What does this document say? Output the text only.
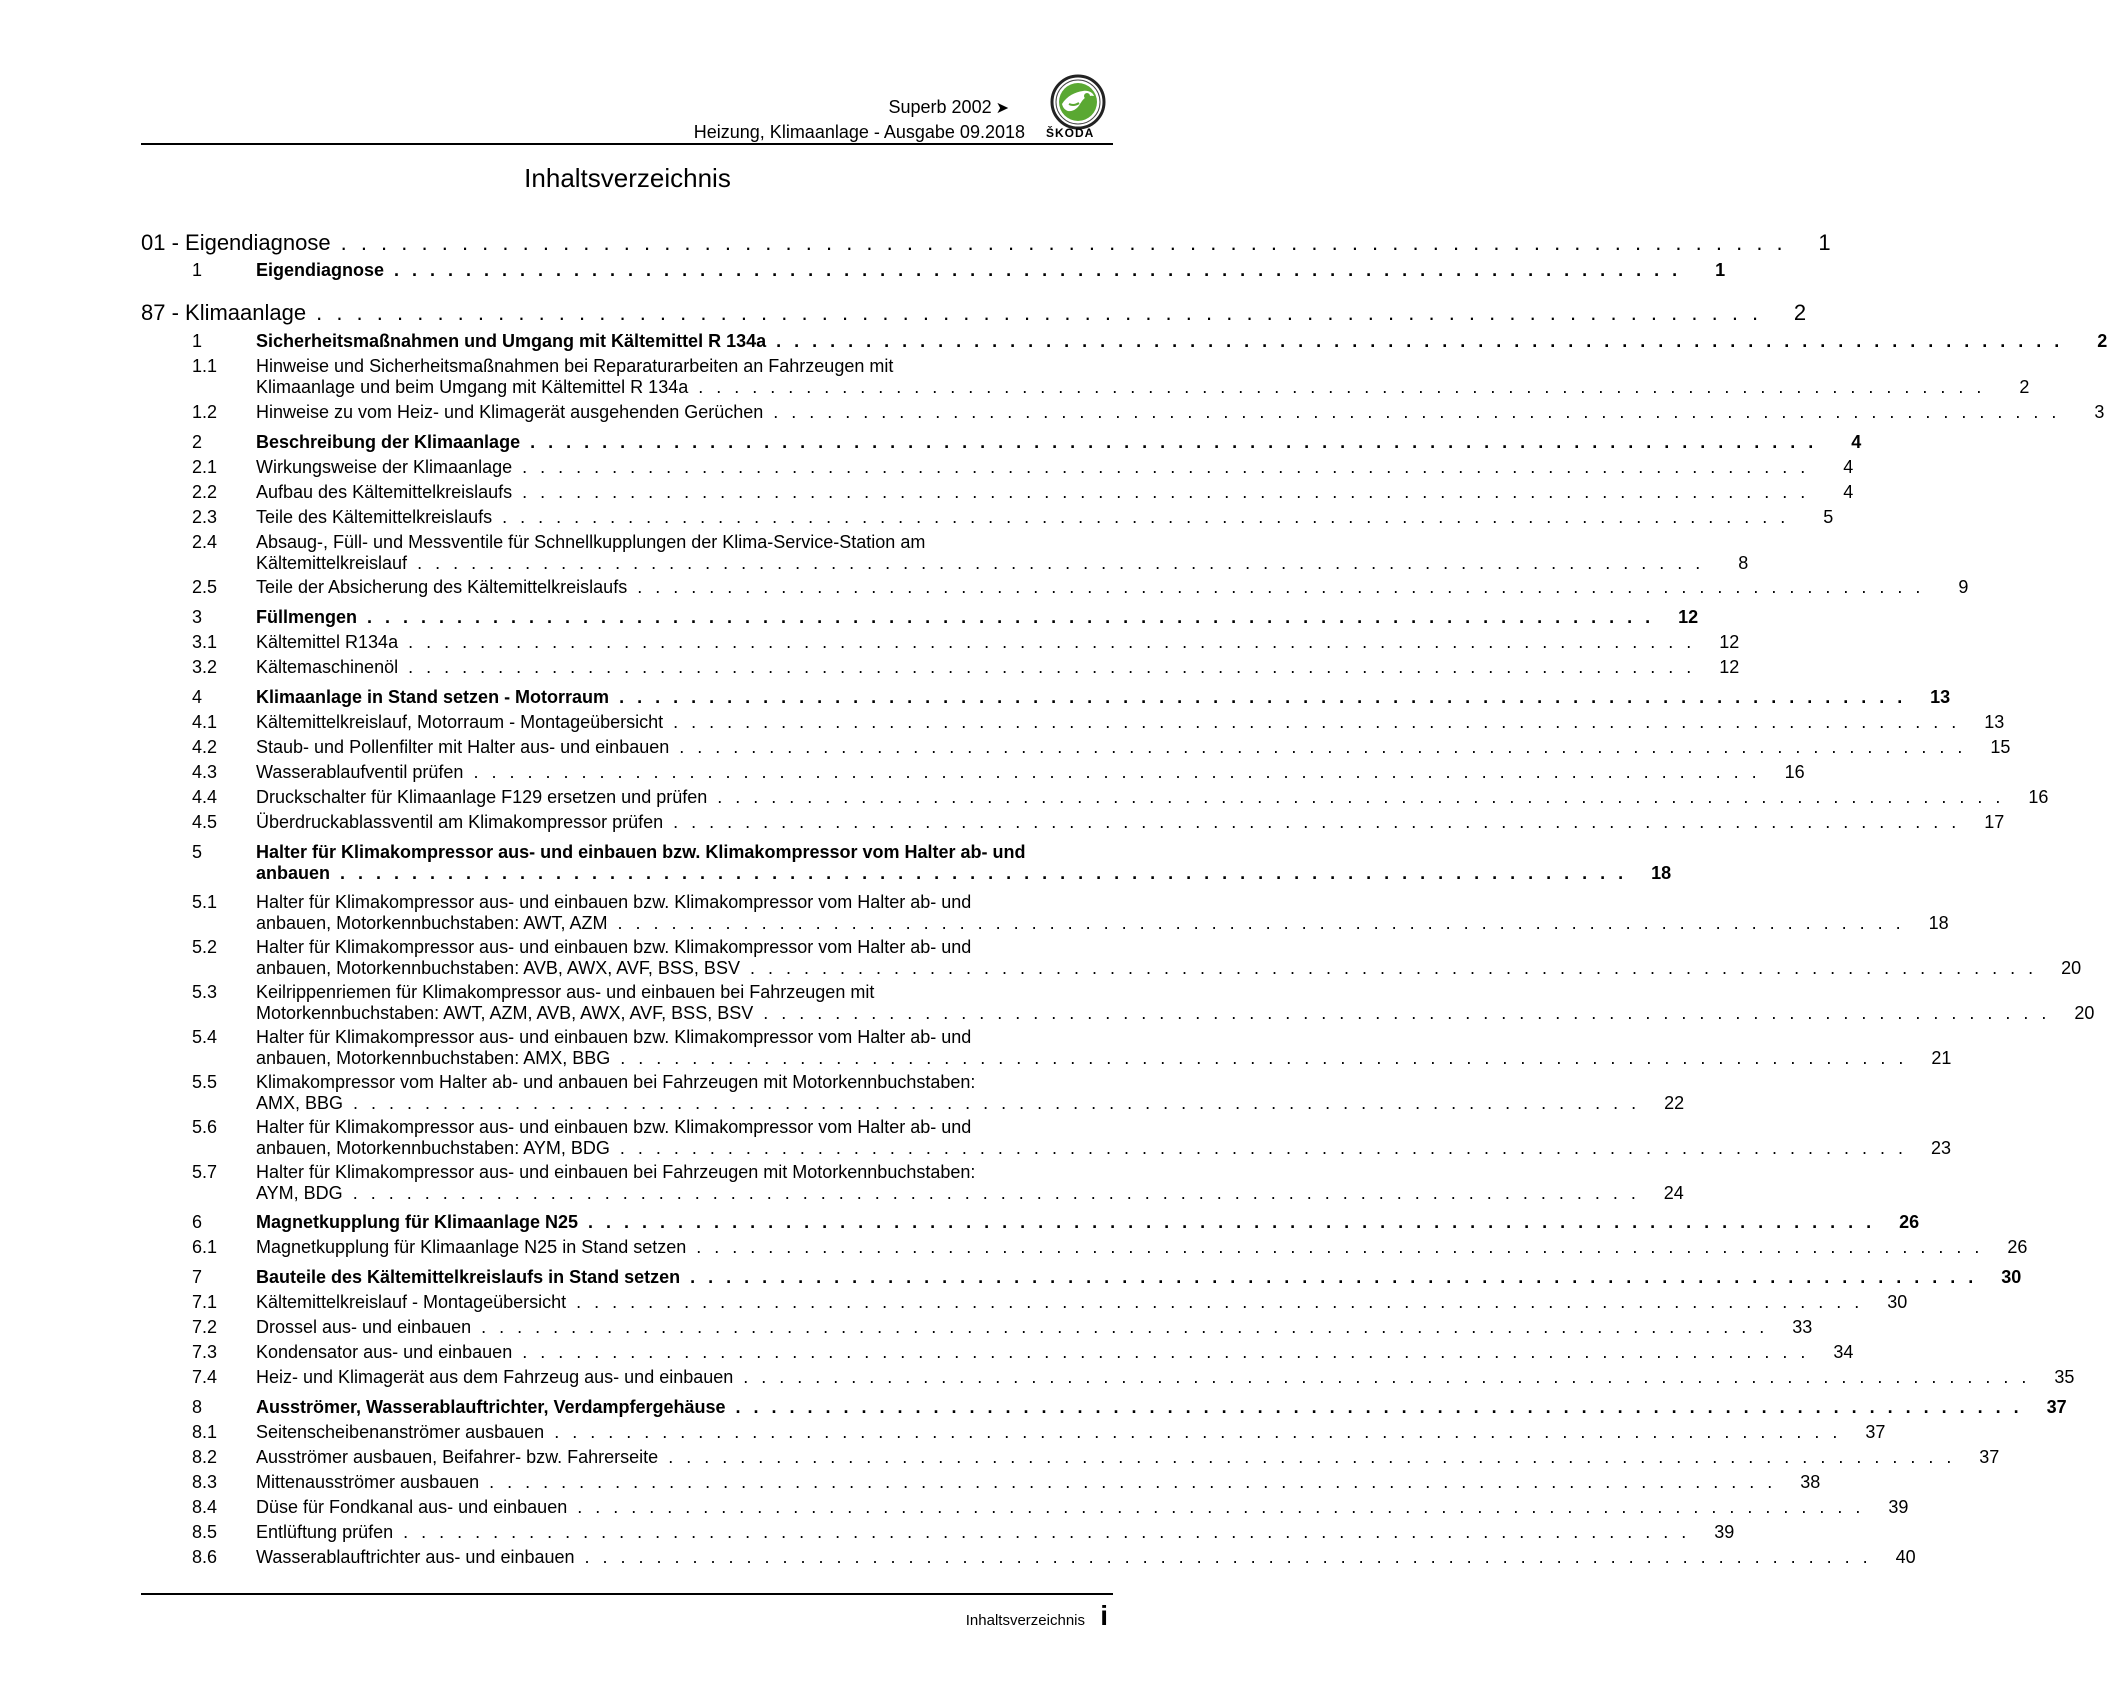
Superb 2002 ➤
Heizung, Klimaanlage - Ausgabe 09.2018 ŠKODA
Inhaltsverzeichnis
01 - Eigendiagnose . . . . . . . . . . . . . . . . . . . . . . . . . . . . . . . . . . . . . . . . . . . . . . . . . . . . . . . . . . . . . . . . . . . . . . . .	1
1	Eigendiagnose . . . . . . . . . . . . . . . . . . . . . . . . . . . . . . . . . . . . . . . . . . . . . . . . . . . . . . . . . . . . . . . . . . . . . . . .	1
87 - Klimaanlage . . . . . . . . . . . . . . . . . . . . . . . . . . . . . . . . . . . . . . . . . . . . . . . . . . . . . . . . . . . . . . . . . . . . . . . .	2
1	Sicherheitsmaßnahmen und Umgang mit Kältemittel R 134a . . . . . . . . . . . . . . . . . . . . . . . . . . . . . . . . . . . . . . . . . . . . . . . . . . . . . . . . . . . . . . . . . . . . . . . .	2
1.1 Hinweise und Sicherheitsmaßnahmen bei Reparaturarbeiten an Fahrzeugen mit
Klimaanlage und beim Umgang mit Kältemittel R 134a . . . . . . . . . . . . . . . . . . . . . . . . . . . . . . . . . . . . . . . . . . . . . . . . . . . . . . . . . . . . . . . . . . . . . . . .	2
1.2 Hinweise zu vom Heiz- und Klimagerät ausgehenden Gerüchen . . . . . . . . . . . . . . . . . . . . . . . . . . . . . . . . . . . . . . . . . . . . . . . . . . . . . . . . . . . . . . . . . . . . . . . .	3
2	Beschreibung der Klimaanlage . . . . . . . . . . . . . . . . . . . . . . . . . . . . . . . . . . . . . . . . . . . . . . . . . . . . . . . . . . . . . . . . . . . . . . . .	4
2.1 Wirkungsweise der Klimaanlage . . . . . . . . . . . . . . . . . . . . . . . . . . . . . . . . . . . . . . . . . . . . . . . . . . . . . . . . . . . . . . . . . . . . . . . .	4
2.2 Aufbau des Kältemittelkreislaufs . . . . . . . . . . . . . . . . . . . . . . . . . . . . . . . . . . . . . . . . . . . . . . . . . . . . . . . . . . . . . . . . . . . . . . . .	4
2.3 Teile des Kältemittelkreislaufs . . . . . . . . . . . . . . . . . . . . . . . . . . . . . . . . . . . . . . . . . . . . . . . . . . . . . . . . . . . . . . . . . . . . . . . .	5
2.4 Absaug-, Füll- und Messventile für Schnellkupplungen der Klima-Service-Station am
Kältemittelkreislauf . . . . . . . . . . . . . . . . . . . . . . . . . . . . . . . . . . . . . . . . . . . . . . . . . . . . . . . . . . . . . . . . . . . . . . . .	8
2.5 Teile der Absicherung des Kältemittelkreislaufs . . . . . . . . . . . . . . . . . . . . . . . . . . . . . . . . . . . . . . . . . . . . . . . . . . . . . . . . . . . . . . . . . . . . . . . .	9
3	Füllmengen . . . . . . . . . . . . . . . . . . . . . . . . . . . . . . . . . . . . . . . . . . . . . . . . . . . . . . . . . . . . . . . . . . . . . . . .	12
3.1 Kältemittel R134a . . . . . . . . . . . . . . . . . . . . . . . . . . . . . . . . . . . . . . . . . . . . . . . . . . . . . . . . . . . . . . . . . . . . . . . .	12
3.2 Kältemaschinenöl . . . . . . . . . . . . . . . . . . . . . . . . . . . . . . . . . . . . . . . . . . . . . . . . . . . . . . . . . . . . . . . . . . . . . . . .	12
4	Klimaanlage in Stand setzen - Motorraum . . . . . . . . . . . . . . . . . . . . . . . . . . . . . . . . . . . . . . . . . . . . . . . . . . . . . . . . . . . . . . . . . . . . . . . .	13
4.1 Kältemittelkreislauf, Motorraum - Montageübersicht . . . . . . . . . . . . . . . . . . . . . . . . . . . . . . . . . . . . . . . . . . . . . . . . . . . . . . . . . . . . . . . . . . . . . . . .	13
4.2 Staub- und Pollenfilter mit Halter aus- und einbauen . . . . . . . . . . . . . . . . . . . . . . . . . . . . . . . . . . . . . . . . . . . . . . . . . . . . . . . . . . . . . . . . . . . . . . . .	15
4.3 Wasserablaufventil prüfen . . . . . . . . . . . . . . . . . . . . . . . . . . . . . . . . . . . . . . . . . . . . . . . . . . . . . . . . . . . . . . . . . . . . . . . .	16
4.4 Druckschalter für Klimaanlage F129 ersetzen und prüfen . . . . . . . . . . . . . . . . . . . . . . . . . . . . . . . . . . . . . . . . . . . . . . . . . . . . . . . . . . . . . . . . . . . . . . . .	16
4.5 Überdruckablassventil am Klimakompressor prüfen . . . . . . . . . . . . . . . . . . . . . . . . . . . . . . . . . . . . . . . . . . . . . . . . . . . . . . . . . . . . . . . . . . . . . . . .	17
5	Halter für Klimakompressor aus- und einbauen bzw. Klimakompressor vom Halter ab- und
anbauen . . . . . . . . . . . . . . . . . . . . . . . . . . . . . . . . . . . . . . . . . . . . . . . . . . . . . . . . . . . . . . . . . . . . . . . .	18
5.1 Halter für Klimakompressor aus- und einbauen bzw. Klimakompressor vom Halter ab- und
anbauen, Motorkennbuchstaben: AWT, AZM . . . . . . . . . . . . . . . . . . . . . . . . . . . . . . . . . . . . . . . . . . . . . . . . . . . . . . . . . . . . . . . . . . . . . . . .	18
5.2 Halter für Klimakompressor aus- und einbauen bzw. Klimakompressor vom Halter ab- und
anbauen, Motorkennbuchstaben: AVB, AWX, AVF, BSS, BSV . . . . . . . . . . . . . . . . . . . . . . . . . . . . . . . . . . . . . . . . . . . . . . . . . . . . . . . . . . . . . . . . . . . . . . . .	20
5.3 Keilrippenriemen für Klimakompressor aus- und einbauen bei Fahrzeugen mit
Motorkennbuchstaben: AWT, AZM, AVB, AWX, AVF, BSS, BSV . . . . . . . . . . . . . . . . . . . . . . . . . . . . . . . . . . . . . . . . . . . . . . . . . . . . . . . . . . . . . . . . . . . . . . . .	20
5.4 Halter für Klimakompressor aus- und einbauen bzw. Klimakompressor vom Halter ab- und
anbauen, Motorkennbuchstaben: AMX, BBG . . . . . . . . . . . . . . . . . . . . . . . . . . . . . . . . . . . . . . . . . . . . . . . . . . . . . . . . . . . . . . . . . . . . . . . .	21
5.5 Klimakompressor vom Halter ab- und anbauen bei Fahrzeugen mit Motorkennbuchstaben:
AMX, BBG . . . . . . . . . . . . . . . . . . . . . . . . . . . . . . . . . . . . . . . . . . . . . . . . . . . . . . . . . . . . . . . . . . . . . . . .	22
5.6 Halter für Klimakompressor aus- und einbauen bzw. Klimakompressor vom Halter ab- und
anbauen, Motorkennbuchstaben: AYM, BDG . . . . . . . . . . . . . . . . . . . . . . . . . . . . . . . . . . . . . . . . . . . . . . . . . . . . . . . . . . . . . . . . . . . . . . . .	23
5.7 Halter für Klimakompressor aus- und einbauen bei Fahrzeugen mit Motorkennbuchstaben:
AYM, BDG . . . . . . . . . . . . . . . . . . . . . . . . . . . . . . . . . . . . . . . . . . . . . . . . . . . . . . . . . . . . . . . . . . . . . . . .	24
6	Magnetkupplung für Klimaanlage N25 . . . . . . . . . . . . . . . . . . . . . . . . . . . . . . . . . . . . . . . . . . . . . . . . . . . . . . . . . . . . . . . . . . . . . . . .	26
6.1 Magnetkupplung für Klimaanlage N25 in Stand setzen . . . . . . . . . . . . . . . . . . . . . . . . . . . . . . . . . . . . . . . . . . . . . . . . . . . . . . . . . . . . . . . . . . . . . . . .	26
7	Bauteile des Kältemittelkreislaufs in Stand setzen . . . . . . . . . . . . . . . . . . . . . . . . . . . . . . . . . . . . . . . . . . . . . . . . . . . . . . . . . . . . . . . . . . . . . . . .	30
7.1 Kältemittelkreislauf - Montageübersicht . . . . . . . . . . . . . . . . . . . . . . . . . . . . . . . . . . . . . . . . . . . . . . . . . . . . . . . . . . . . . . . . . . . . . . . .	30
7.2 Drossel aus- und einbauen . . . . . . . . . . . . . . . . . . . . . . . . . . . . . . . . . . . . . . . . . . . . . . . . . . . . . . . . . . . . . . . . . . . . . . . .	33
7.3 Kondensator aus- und einbauen . . . . . . . . . . . . . . . . . . . . . . . . . . . . . . . . . . . . . . . . . . . . . . . . . . . . . . . . . . . . . . . . . . . . . . . .	34
7.4 Heiz- und Klimagerät aus dem Fahrzeug aus- und einbauen . . . . . . . . . . . . . . . . . . . . . . . . . . . . . . . . . . . . . . . . . . . . . . . . . . . . . . . . . . . . . . . . . . . . . . . .	35
8	Ausströmer, Wasserablauftrichter, Verdampfergehäuse . . . . . . . . . . . . . . . . . . . . . . . . . . . . . . . . . . . . . . . . . . . . . . . . . . . . . . . . . . . . . . . . . . . . . . . .	37
8.1 Seitenscheibenanströmer ausbauen . . . . . . . . . . . . . . . . . . . . . . . . . . . . . . . . . . . . . . . . . . . . . . . . . . . . . . . . . . . . . . . . . . . . . . . .	37
8.2 Ausströmer ausbauen, Beifahrer- bzw. Fahrerseite . . . . . . . . . . . . . . . . . . . . . . . . . . . . . . . . . . . . . . . . . . . . . . . . . . . . . . . . . . . . . . . . . . . . . . . .	37
8.3 Mittenausströmer ausbauen . . . . . . . . . . . . . . . . . . . . . . . . . . . . . . . . . . . . . . . . . . . . . . . . . . . . . . . . . . . . . . . . . . . . . . . .	38
8.4 Düse für Fondkanal aus- und einbauen . . . . . . . . . . . . . . . . . . . . . . . . . . . . . . . . . . . . . . . . . . . . . . . . . . . . . . . . . . . . . . . . . . . . . . . .	39
8.5 Entlüftung prüfen . . . . . . . . . . . . . . . . . . . . . . . . . . . . . . . . . . . . . . . . . . . . . . . . . . . . . . . . . . . . . . . . . . . . . . . .	39
8.6 Wasserablauftrichter aus- und einbauen . . . . . . . . . . . . . . . . . . . . . . . . . . . . . . . . . . . . . . . . . . . . . . . . . . . . . . . . . . . . . . . . . . . . . . . .	40
Inhaltsverzeichnis i
